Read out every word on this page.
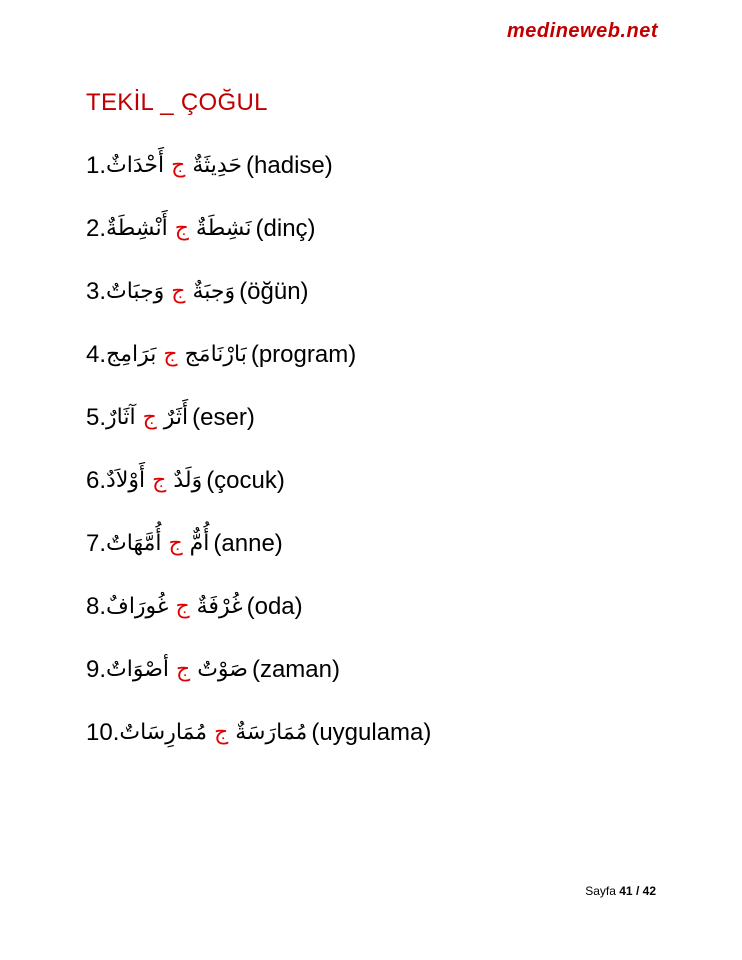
medineweb.net
TEKİL _ ÇOĞUL
1.	حَدِيثَةٌ ج أَحْدَاثٌ	(hadise)
2.	نَشِطَةٌ ج أَنْشِطَةٌ	(dinç)
3.	وَجبَةٌ ج وَجبَاتٌ	(öğün)
4.	بَارْنَامَج ج بَرَامِج	(program)
5.	أَثَرٌ ج آثَارٌ	(eser)
6.	وَلَدٌ ج أَوْلاَدٌ	(çocuk)
7.	أُمٌّ ج أُمَّهَاتٌ	(anne)
8.	غُرْفَةٌ ج غُورَافٌ	(oda)
9.	صَوْتٌ ج أصْوَاتٌ	(zaman)
10.	مُمَارَسَةٌ ج مُمَارِسَاتٌ	(uygulama)
Sayfa 41 / 42
